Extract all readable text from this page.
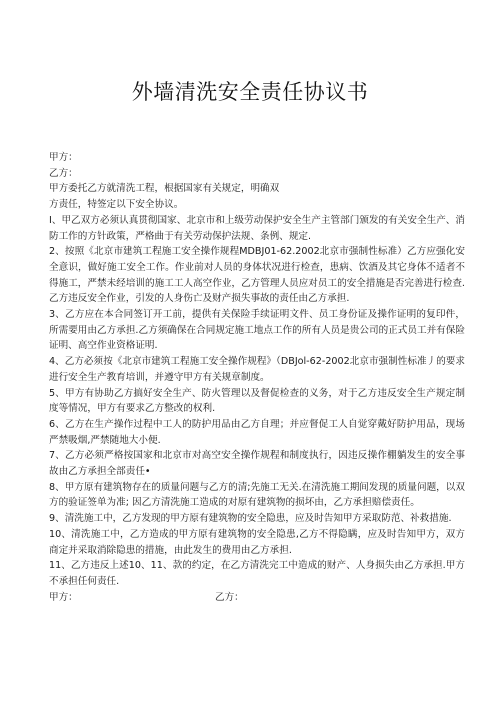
外墙清洗安全责任协议书

甲方：

乙方：

甲方委托乙方就清洗工程，根据国家有关规定，明确双

方责任，特签定以下安全协议。

I、甲乙双方必须认真贯彻国家、北京市和上级劳动保护安全生产主管部门颁发的有关安全生产、消防工作的方针政策，严格曲于有关劳动保护法规、条例、规定.

2、按照《北京市建筑工程施工安全操作规程MDBJ01-62.2002北京市强制性标准）乙方应强化安全意识，做好施工安全工作。作业前对人员的身体状况进行检查，患病、饮酒及其它身体不适者不得施工，严禁未经培训的施工工人高空作业，乙方管理人员应对员工的安全措施是否完善进行检查.乙方违反安全作业，引发的人身伤亡及财产损失事故的责任由乙方承担.

3、乙方应在本合同签订开工前，提供有关保险手续证明文件、员工身份证及操作证明的复印件，所需要用由乙方承担.乙方须确保在合同规定施工地点工作的所有人员是贵公司的正式员工并有保险证明、高空作业资格证明.

4、乙方必须按《北京市建筑工程施工安全操作规程》（DBJol-62-2002北京市强制性标准丿的要求进行安全生产教育培训，并遵守甲方有关规章制度。

5、甲方有协助乙方搞好安全生产、防火管理以及督促检查的义务，对于乙方违反安全生产规定制度等情况，甲方有要求乙方整改的权利.

6、乙方在生产操作过程中工人的防护用品由乙方自理；并应督促工人自觉穿戴好防护用品，现场严禁吸烟,严禁随地大小便.

7、乙方必须严格按国家和北京市对高空安全操作规程和制度执行，因违反操作棚躺发生的安全事故由乙方承担全部责任•

8、甲方原有建筑物存在的质量问题与乙方的清;先施工无关.在清洗施工期间发现的质量问题，以双方的验证签单为准; 因乙方清洗施工造成的对原有建筑物的损坏由，乙方承担赔偿责任。

9、清洗施工中，乙方发现的甲方原有建筑物的安全隐患，应及时告知甲方采取防范、补救措施.

10、清洗施工中，乙方造成的甲方原有建筑物的安全隐患,乙方不得隐瞒，应及时告知甲方，双方商定并采取消除隐患的措施，由此发生的费用由乙方承担.

11、乙方违反上述10、11、款的约定，在乙方清洗完工中造成的财产、人身损失由乙方承担.甲方不承担任何责任.

甲方：	乙方：
